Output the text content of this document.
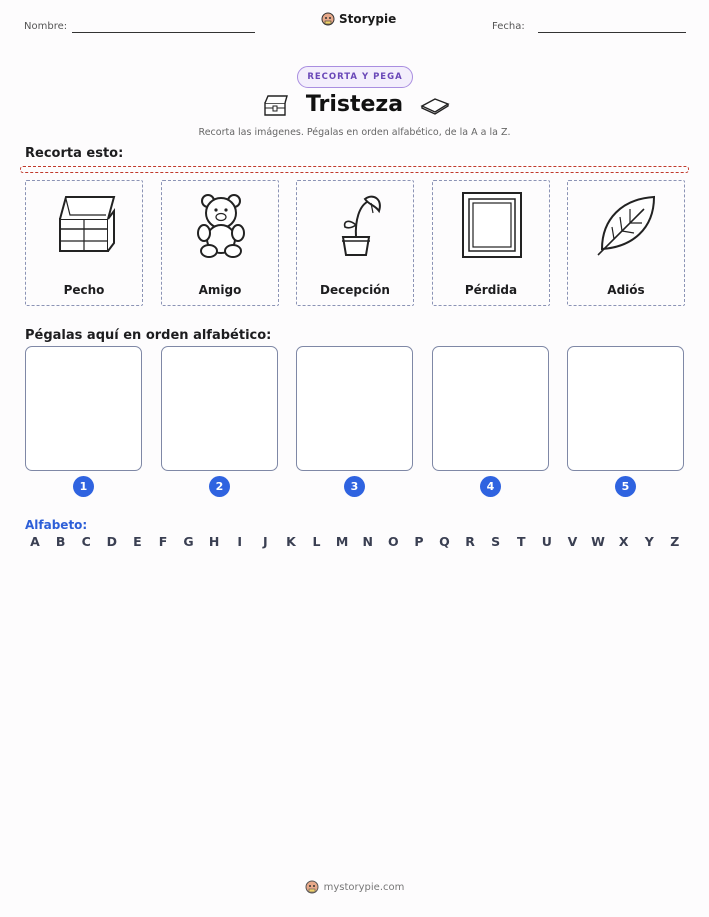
Nombre:
Storypie
Fecha:
RECORTA Y PEGA
Tristeza
Recorta las imágenes. Pégalas en orden alfabético, de la A a la Z.
Recorta esto:
Pecho	Amigo	Decepción	Pérdida	Adiós
Pégalas aquí en orden alfabético:
1	2	3	4	5
Alfabeto:
A	B	C	D	E	F	G	H	I	J	K	L	M	N	O	P	Q	R	S	T	U	V	W	X	Y	Z
mystorypie.com
